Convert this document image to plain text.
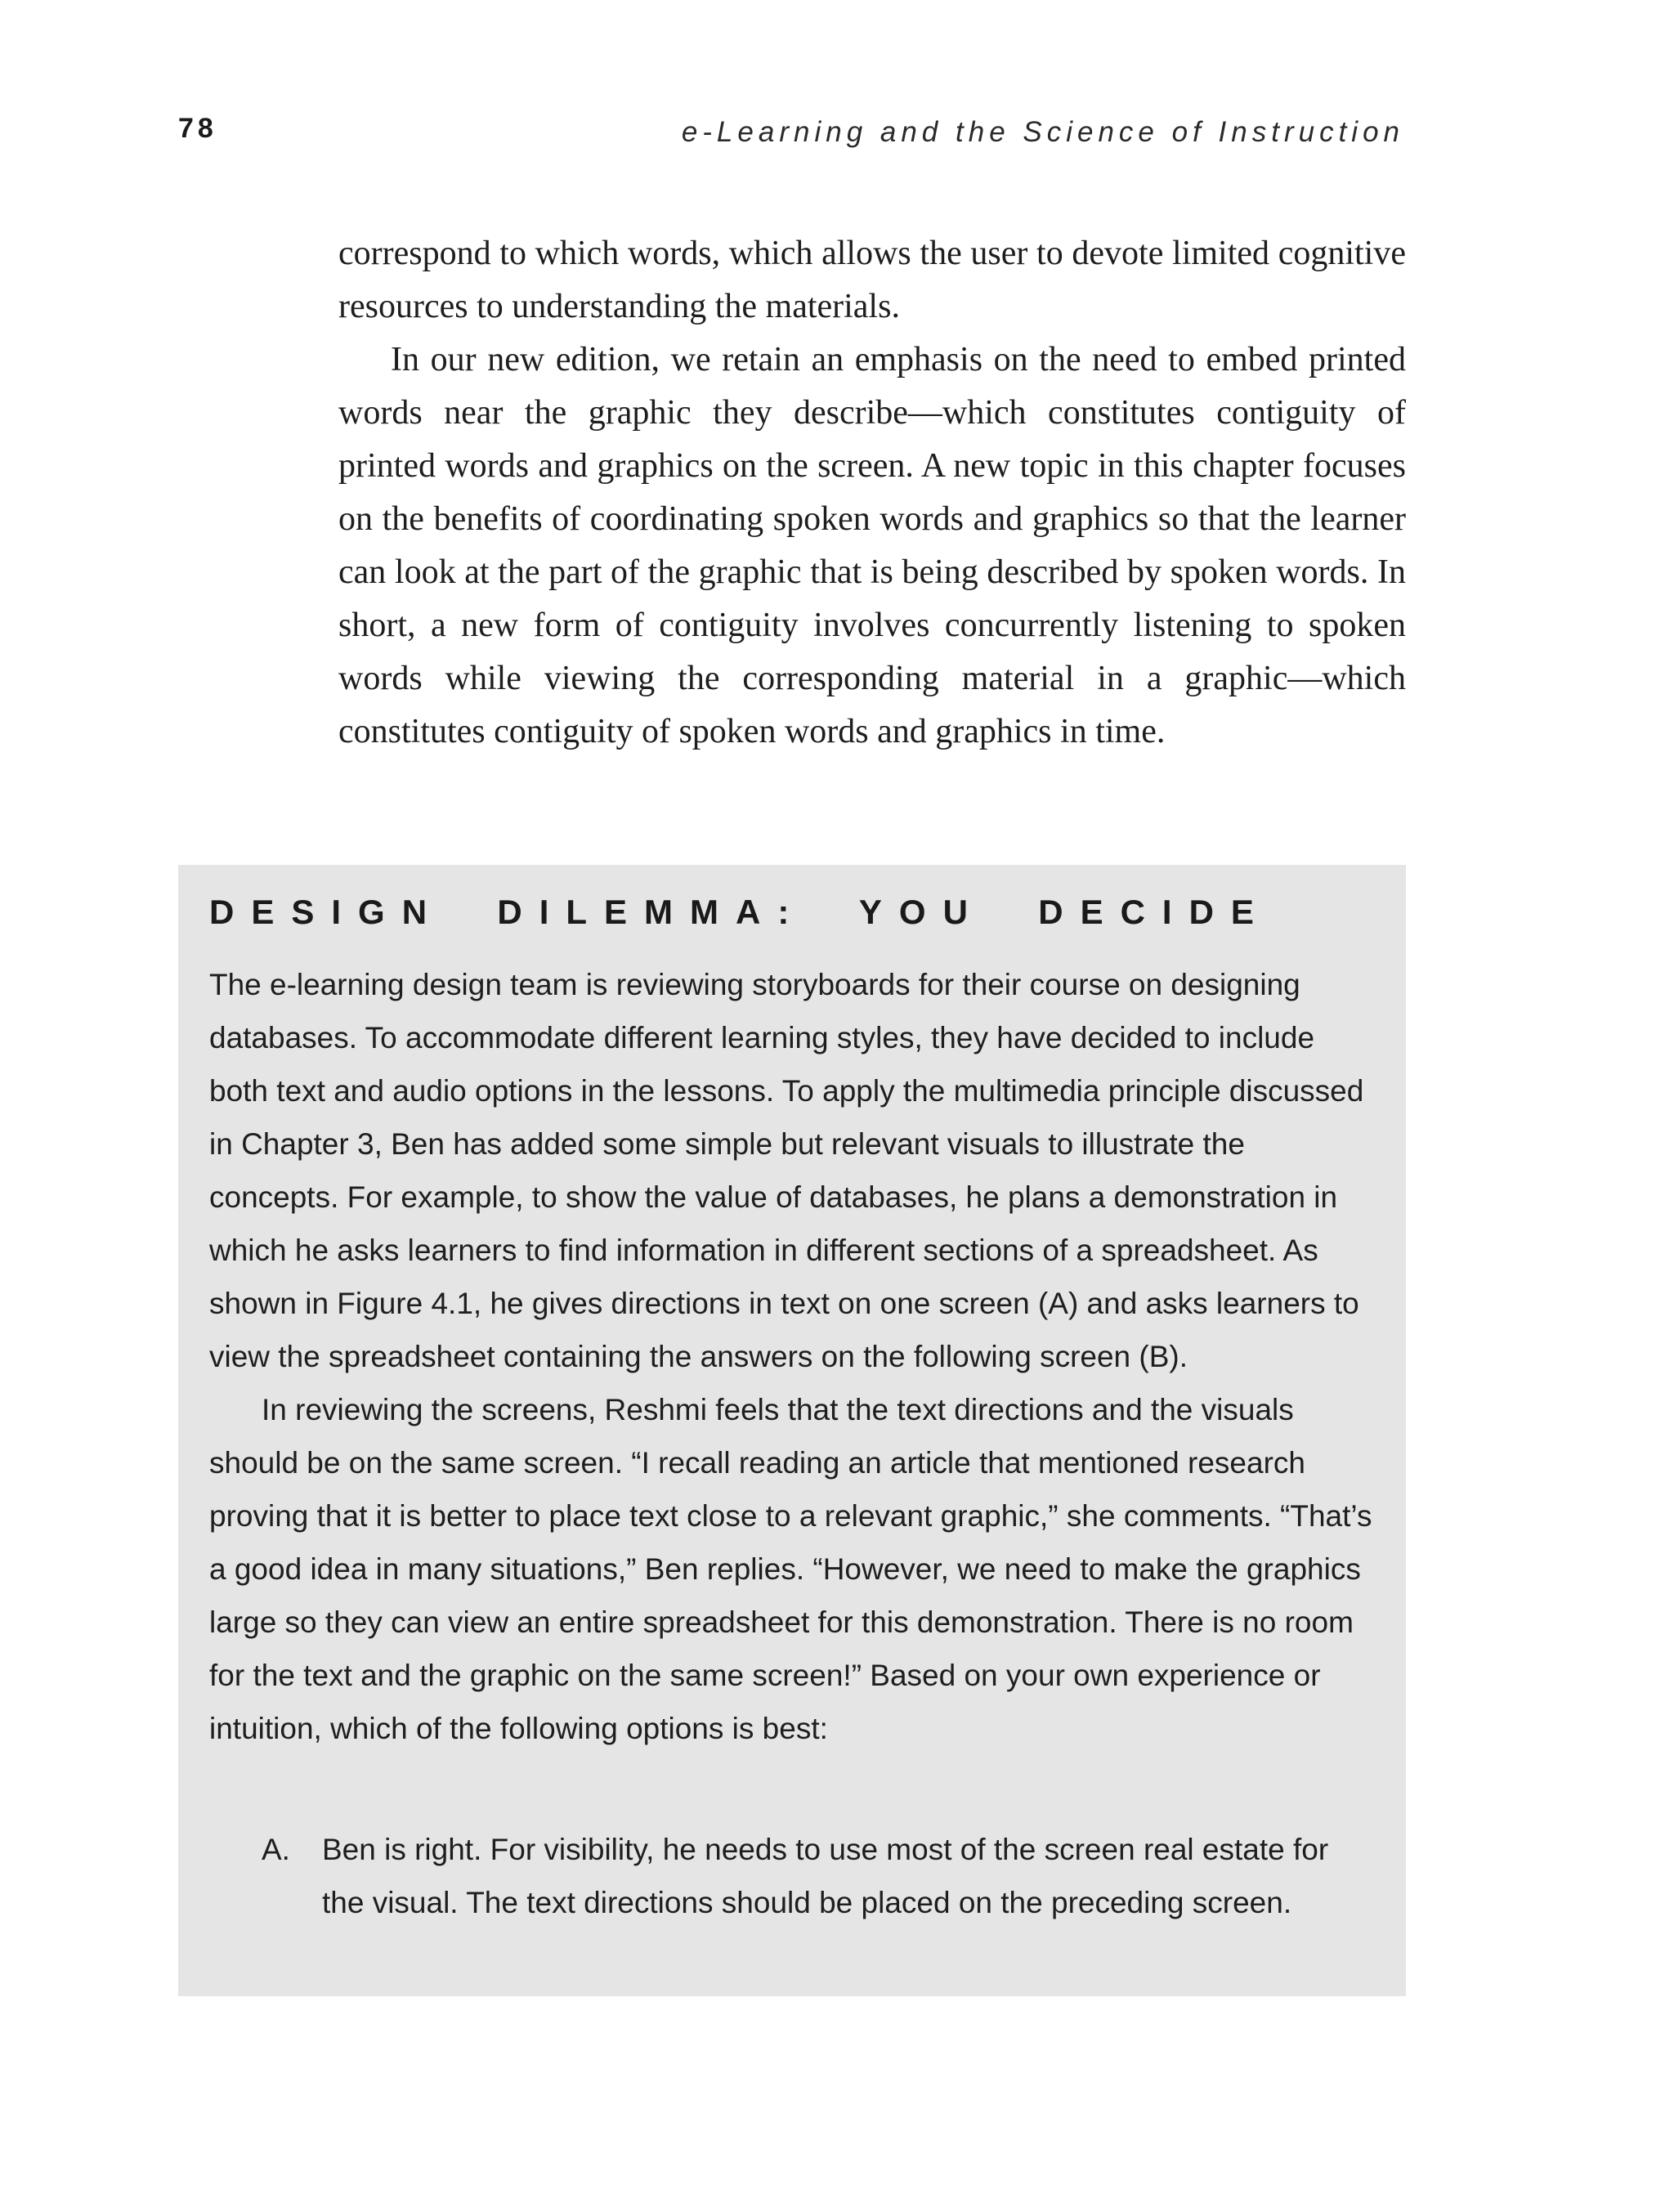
78	e-Learning and the Science of Instruction

correspond to which words, which allows the user to devote limited cognitive resources to understanding the materials.

In our new edition, we retain an emphasis on the need to embed printed words near the graphic they describe—which constitutes contiguity of printed words and graphics on the screen. A new topic in this chapter focuses on the benefits of coordinating spoken words and graphics so that the learner can look at the part of the graphic that is being described by spoken words. In short, a new form of contiguity involves concurrently listening to spoken words while viewing the corresponding material in a graphic—which constitutes contiguity of spoken words and graphics in time.

DESIGN  DILEMMA:  YOU  DECIDE

The e-learning design team is reviewing storyboards for their course on designing databases. To accommodate different learning styles, they have decided to include both text and audio options in the lessons. To apply the multimedia principle discussed in Chapter 3, Ben has added some simple but relevant visuals to illustrate the concepts. For example, to show the value of databases, he plans a demonstration in which he asks learners to find information in different sections of a spreadsheet. As shown in Figure 4.1, he gives directions in text on one screen (A) and asks learners to view the spreadsheet containing the answers on the following screen (B).

In reviewing the screens, Reshmi feels that the text directions and the visuals should be on the same screen. “I recall reading an article that mentioned research proving that it is better to place text close to a relevant graphic,” she comments. “That’s a good idea in many situations,” Ben replies. “However, we need to make the graphics large so they can view an entire spreadsheet for this demonstration. There is no room for the text and the graphic on the same screen!” Based on your own experience or intuition, which of the following options is best:

A. Ben is right. For visibility, he needs to use most of the screen real estate for the visual. The text directions should be placed on the preceding screen.
